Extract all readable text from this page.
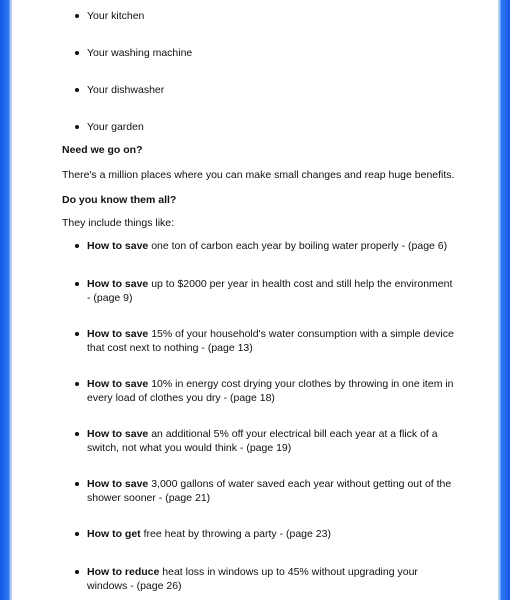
Your kitchen
Your washing machine
Your dishwasher
Your garden
Need we go on?
There's a million places where you can make small changes and reap huge benefits.
Do you know them all?
They include things like:
How to save one ton of carbon each year by boiling water properly - (page 6)
How to save up to $2000 per year in health cost and still help the environment - (page 9)
How to save 15% of your household's water consumption with a simple device that cost next to nothing - (page 13)
How to save 10% in energy cost drying your clothes by throwing in one item in every load of clothes you dry - (page 18)
How to save an additional 5% off your electrical bill each year at a flick of a switch, not what you would think - (page 19)
How to save 3,000 gallons of water saved each year without getting out of the shower sooner - (page 21)
How to get free heat by throwing a party - (page 23)
How to reduce heat loss in windows up to 45% without upgrading your windows - (page 26)
